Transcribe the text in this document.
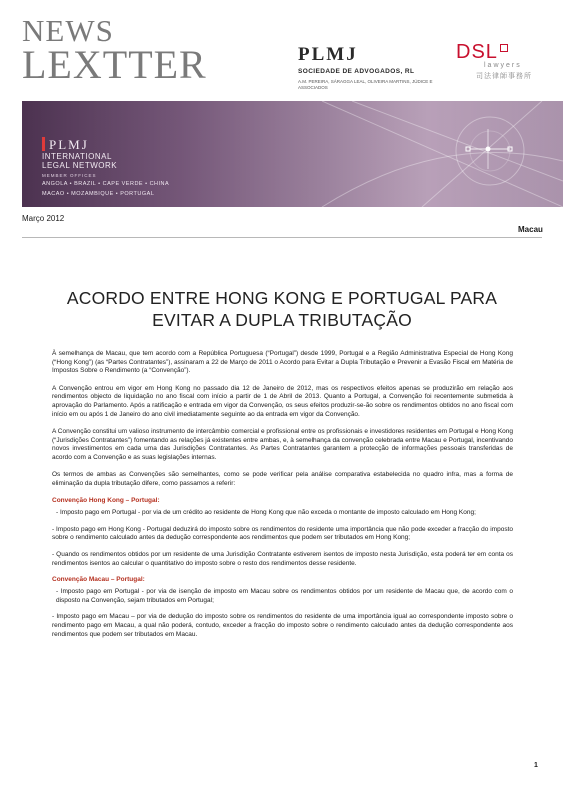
NEWS
LEXTTER	PLMJ
SOCIEDADE DE ADVOGADOS, RL
A.M. PEREIRA, SÁRAGGA LEAL, OLIVEIRA MARTINS, JÚDICE E ASSOCIADOS
DSL
lawyers
司法律師事務所
PLMJ
INTERNATIONAL
LEGAL NETWORK
MEMBER OFFICES
ANGOLA • BRAZIL • CAPE VERDE • CHINA
MACAO • MOZAMBIQUE • PORTUGAL
Março 2012
Macau
ACORDO ENTRE HONG KONG E PORTUGAL PARA
EVITAR A DUPLA TRIBUTAÇÃO

À semelhança de Macau, que tem acordo com a República Portuguesa (“Portugal”) desde 1999, Portugal e a Região Administrativa Especial de Hong Kong (“Hong Kong”) (as “Partes Contratantes”), assinaram a 22 de Março de 2011 o Acordo para Evitar a Dupla Tributação e Prevenir a Evasão Fiscal em Matéria de Impostos Sobre o Rendimento (a “Convenção”).

A Convenção entrou em vigor em Hong Kong no passado dia 12 de Janeiro de 2012, mas os respectivos efeitos apenas se produzirão em relação aos rendimentos objecto de liquidação no ano fiscal com início a partir de 1 de Abril de 2013. Quanto a Portugal, a Convenção foi recentemente submetida à aprovação do Parlamento. Após a ratificação e entrada em vigor da Convenção, os seus efeitos produzir-se-ão sobre os rendimentos obtidos no ano fiscal com início em ou após 1 de Janeiro do ano civil imediatamente seguinte ao da entrada em vigor da Convenção.

A Convenção constitui um valioso instrumento de intercâmbio comercial e profissional entre os profissionais e investidores residentes em Portugal e Hong Kong (“Jurisdições Contratantes”) fomentando as relações já existentes entre ambas, e, à semelhança da convenção celebrada entre Macau e Portugal, incentivando novos investimentos em cada uma das Jurisdições Contratantes. As Partes Contratantes garantem a protecção de informações pessoais transferidas de acordo com a Convenção e as suas legislações internas.

Os termos de ambas as Convenções são semelhantes, como se pode verificar pela análise comparativa estabelecida no quadro infra, mas a forma de eliminação da dupla tributação difere, como passamos a referir:

Convenção Hong Kong – Portugal:
- Imposto pago em Portugal - por via de um crédito ao residente de Hong Kong que não exceda o montante de imposto calculado em Hong Kong;
- Imposto pago em Hong Kong - Portugal deduzirá do imposto sobre os rendimentos do residente uma importância que não pode exceder a fracção do imposto sobre o rendimento calculado antes da dedução correspondente aos rendimentos que podem ser tributados em Hong Kong;
- Quando os rendimentos obtidos por um residente de uma Jurisdição Contratante estiverem isentos de imposto nesta Jurisdição, esta poderá ter em conta os rendimentos isentos ao calcular o quantitativo do imposto sobre o resto dos rendimentos desse residente.
Convenção Macau – Portugal:
- Imposto pago em Portugal - por via de isenção de imposto em Macau sobre os rendimentos obtidos por um residente de Macau que, de acordo com o disposto na Convenção, sejam tributados em Portugal;
- Imposto pago em Macau – por via de dedução do imposto sobre os rendimentos do residente de uma importância igual ao correspondente imposto sobre o rendimento pago em Macau, a qual não poderá, contudo, exceder a fracção do imposto sobre o rendimento calculado antes da dedução correspondente aos rendimentos que podem ser tributados em Macau.
1
